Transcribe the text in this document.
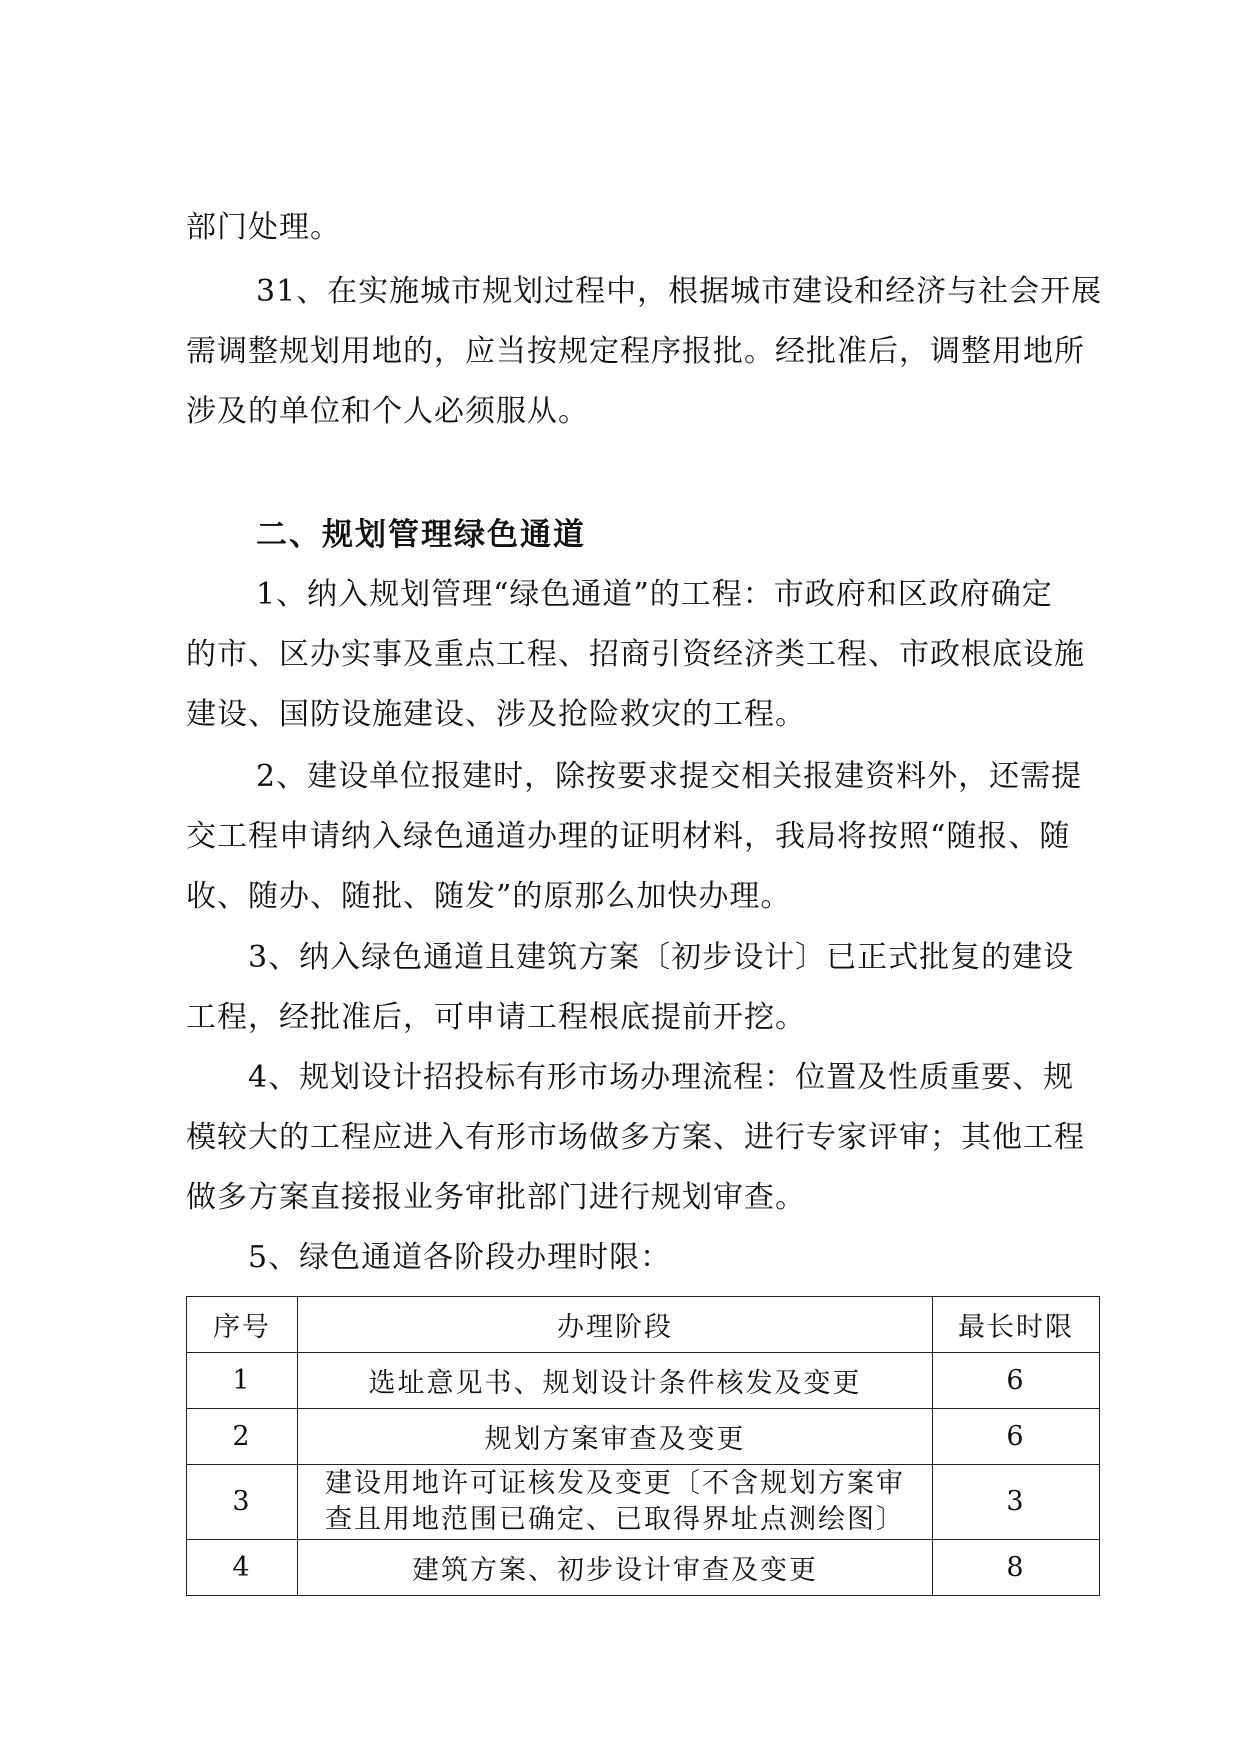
部门处理。
31、在实施城市规划过程中，根据城市建设和经济与社会开展
需调整规划用地的，应当按规定程序报批。经批准后，调整用地所
涉及的单位和个人必须服从。
二、规划管理绿色通道
1、纳入规划管理“绿色通道”的工程：市政府和区政府确定
的市、区办实事及重点工程、招商引资经济类工程、市政根底设施
建设、国防设施建设、涉及抢险救灾的工程。
2、建设单位报建时，除按要求提交相关报建资料外，还需提
交工程申请纳入绿色通道办理的证明材料，我局将按照“随报、随
收、随办、随批、随发”的原那么加快办理。
3、纳入绿色通道且建筑方案〔初步设计〕已正式批复的建设
工程，经批准后，可申请工程根底提前开挖。
4、规划设计招投标有形市场办理流程：位置及性质重要、规
模较大的工程应进入有形市场做多方案、进行专家评审；其他工程
做多方案直接报业务审批部门进行规划审查。
5、绿色通道各阶段办理时限：
序号	办理阶段	最长时限
1	选址意见书、规划设计条件核发及变更	6
2	规划方案审查及变更	6
3	建设用地许可证核发及变更〔不含规划方案审
查且用地范围已确定、已取得界址点测绘图〕	3
4	建筑方案、初步设计审查及变更	8
